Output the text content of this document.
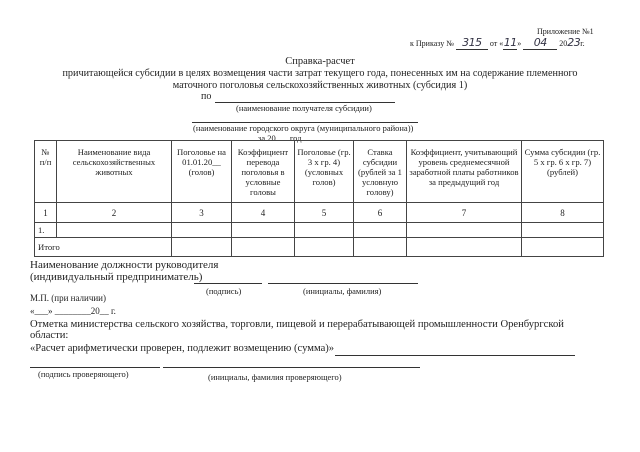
Приложение №1
к Приказу № 315 от «11» 04 2023г.
Справка-расчет
причитающейся субсидии в целях возмещения части затрат текущего года, понесенных им на содержание племенного
маточного поголовья сельскохозяйственных животных (субсидия 1)
по
(наименование получателя субсидии)
(наименование городского округа (муниципального района))
за 20 год
№ п/п	Наименование вида сельскохозяйственных животных	Поголовье на 01.01.20__ (голов)	Коэффициент перевода поголовья в условные головы	Поголовье (гр. 3 х гр. 4) (условных голов)	Ставка субсидии (рублей за 1 условную голову)	Коэффициент, учитывающий уровень среднемесячной заработной платы работников за предыдущий год	Сумма субсидии (гр. 5 х гр. 6 х гр. 7) (рублей)
1	2	3	4	5	6	7	8
1.							
Итого							
Наименование должности руководителя
(индивидуальный предприниматель)
(подпись)	(инициалы, фамилия)
М.П. (при наличии)
«___» ________20__ г.
Отметка министерства сельского хозяйства, торговли, пищевой и перерабатывающей промышленности Оренбургской
области:
«Расчет арифметически проверен, подлежит возмещению (сумма)»
(подпись проверяющего)	(инициалы, фамилия проверяющего)
